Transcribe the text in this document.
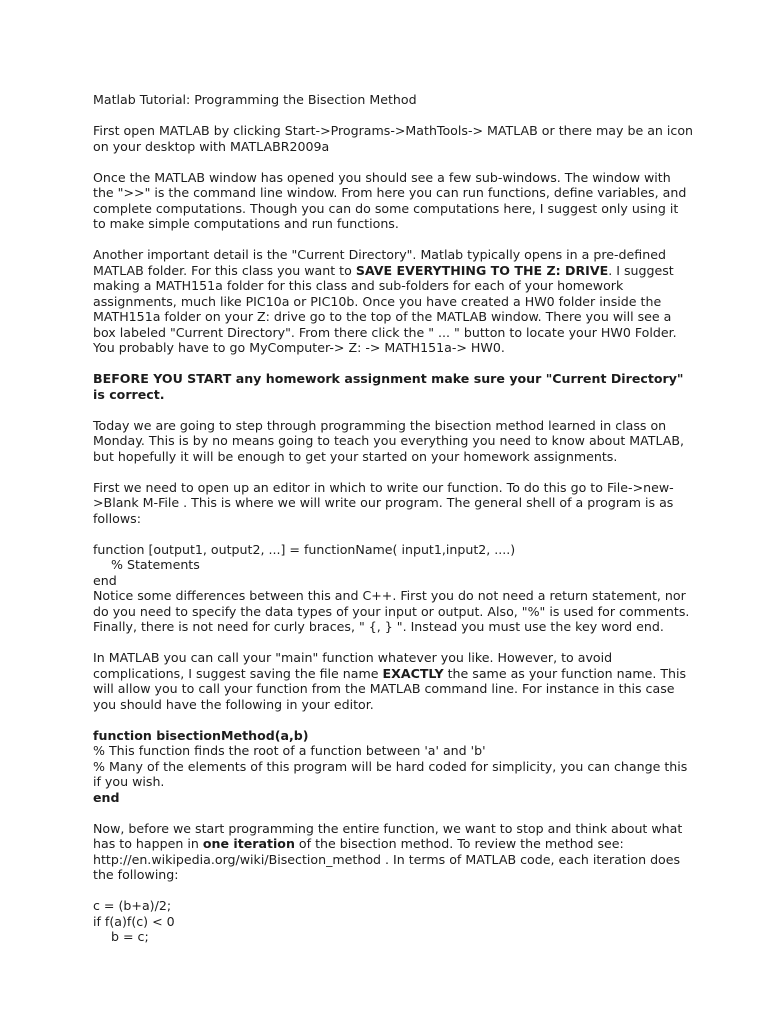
Matlab Tutorial: Programming the Bisection Method

First open MATLAB by clicking Start->Programs->MathTools-> MATLAB or there may be an icon on your desktop with MATLABR2009a

Once the MATLAB window has opened you should see a few sub-windows. The window with the ">>" is the command line window. From here you can run functions, define variables, and complete computations. Though you can do some computations here, I suggest only using it to make simple computations and run functions.

Another important detail is the "Current Directory". Matlab typically opens in a pre-defined MATLAB folder. For this class you want to SAVE EVERYTHING TO THE Z: DRIVE. I suggest making a MATH151a folder for this class and sub-folders for each of your homework assignments, much like PIC10a or PIC10b. Once you have created a HW0 folder inside the MATH151a folder on your Z: drive go to the top of the MATLAB window. There you will see a box labeled "Current Directory". From there click the " ... " button to locate your HW0 Folder. You probably have to go MyComputer-> Z: -> MATH151a-> HW0.

BEFORE YOU START any homework assignment make sure your "Current Directory" is correct.

Today we are going to step through programming the bisection method learned in class on Monday. This is by no means going to teach you everything you need to know about MATLAB, but hopefully it will be enough to get your started on your homework assignments.

First we need to open up an editor in which to write our function. To do this go to File->new->Blank M-File . This is where we will write our program. The general shell of a program is as follows:

function [output1, output2, ...] = functionName( input1,input2, ....)
% Statements
end

Notice some differences between this and C++. First you do not need a return statement, nor do you need to specify the data types of your input or output. Also, "%" is used for comments. Finally, there is not need for curly braces, " {, } ". Instead you must use the key word end.

In MATLAB you can call your "main" function whatever you like. However, to avoid complications, I suggest saving the file name EXACTLY the same as your function name. This will allow you to call your function from the MATLAB command line. For instance in this case you should have the following in your editor.

function bisectionMethod(a,b)
% This function finds the root of a function between 'a' and 'b'
% Many of the elements of this program will be hard coded for simplicity, you can change this if you wish.
end

Now, before we start programming the entire function, we want to stop and think about what has to happen in one iteration of the bisection method. To review the method see: http://en.wikipedia.org/wiki/Bisection_method . In terms of MATLAB code, each iteration does the following:

c = (b+a)/2;
if f(a)f(c) < 0
b = c;
